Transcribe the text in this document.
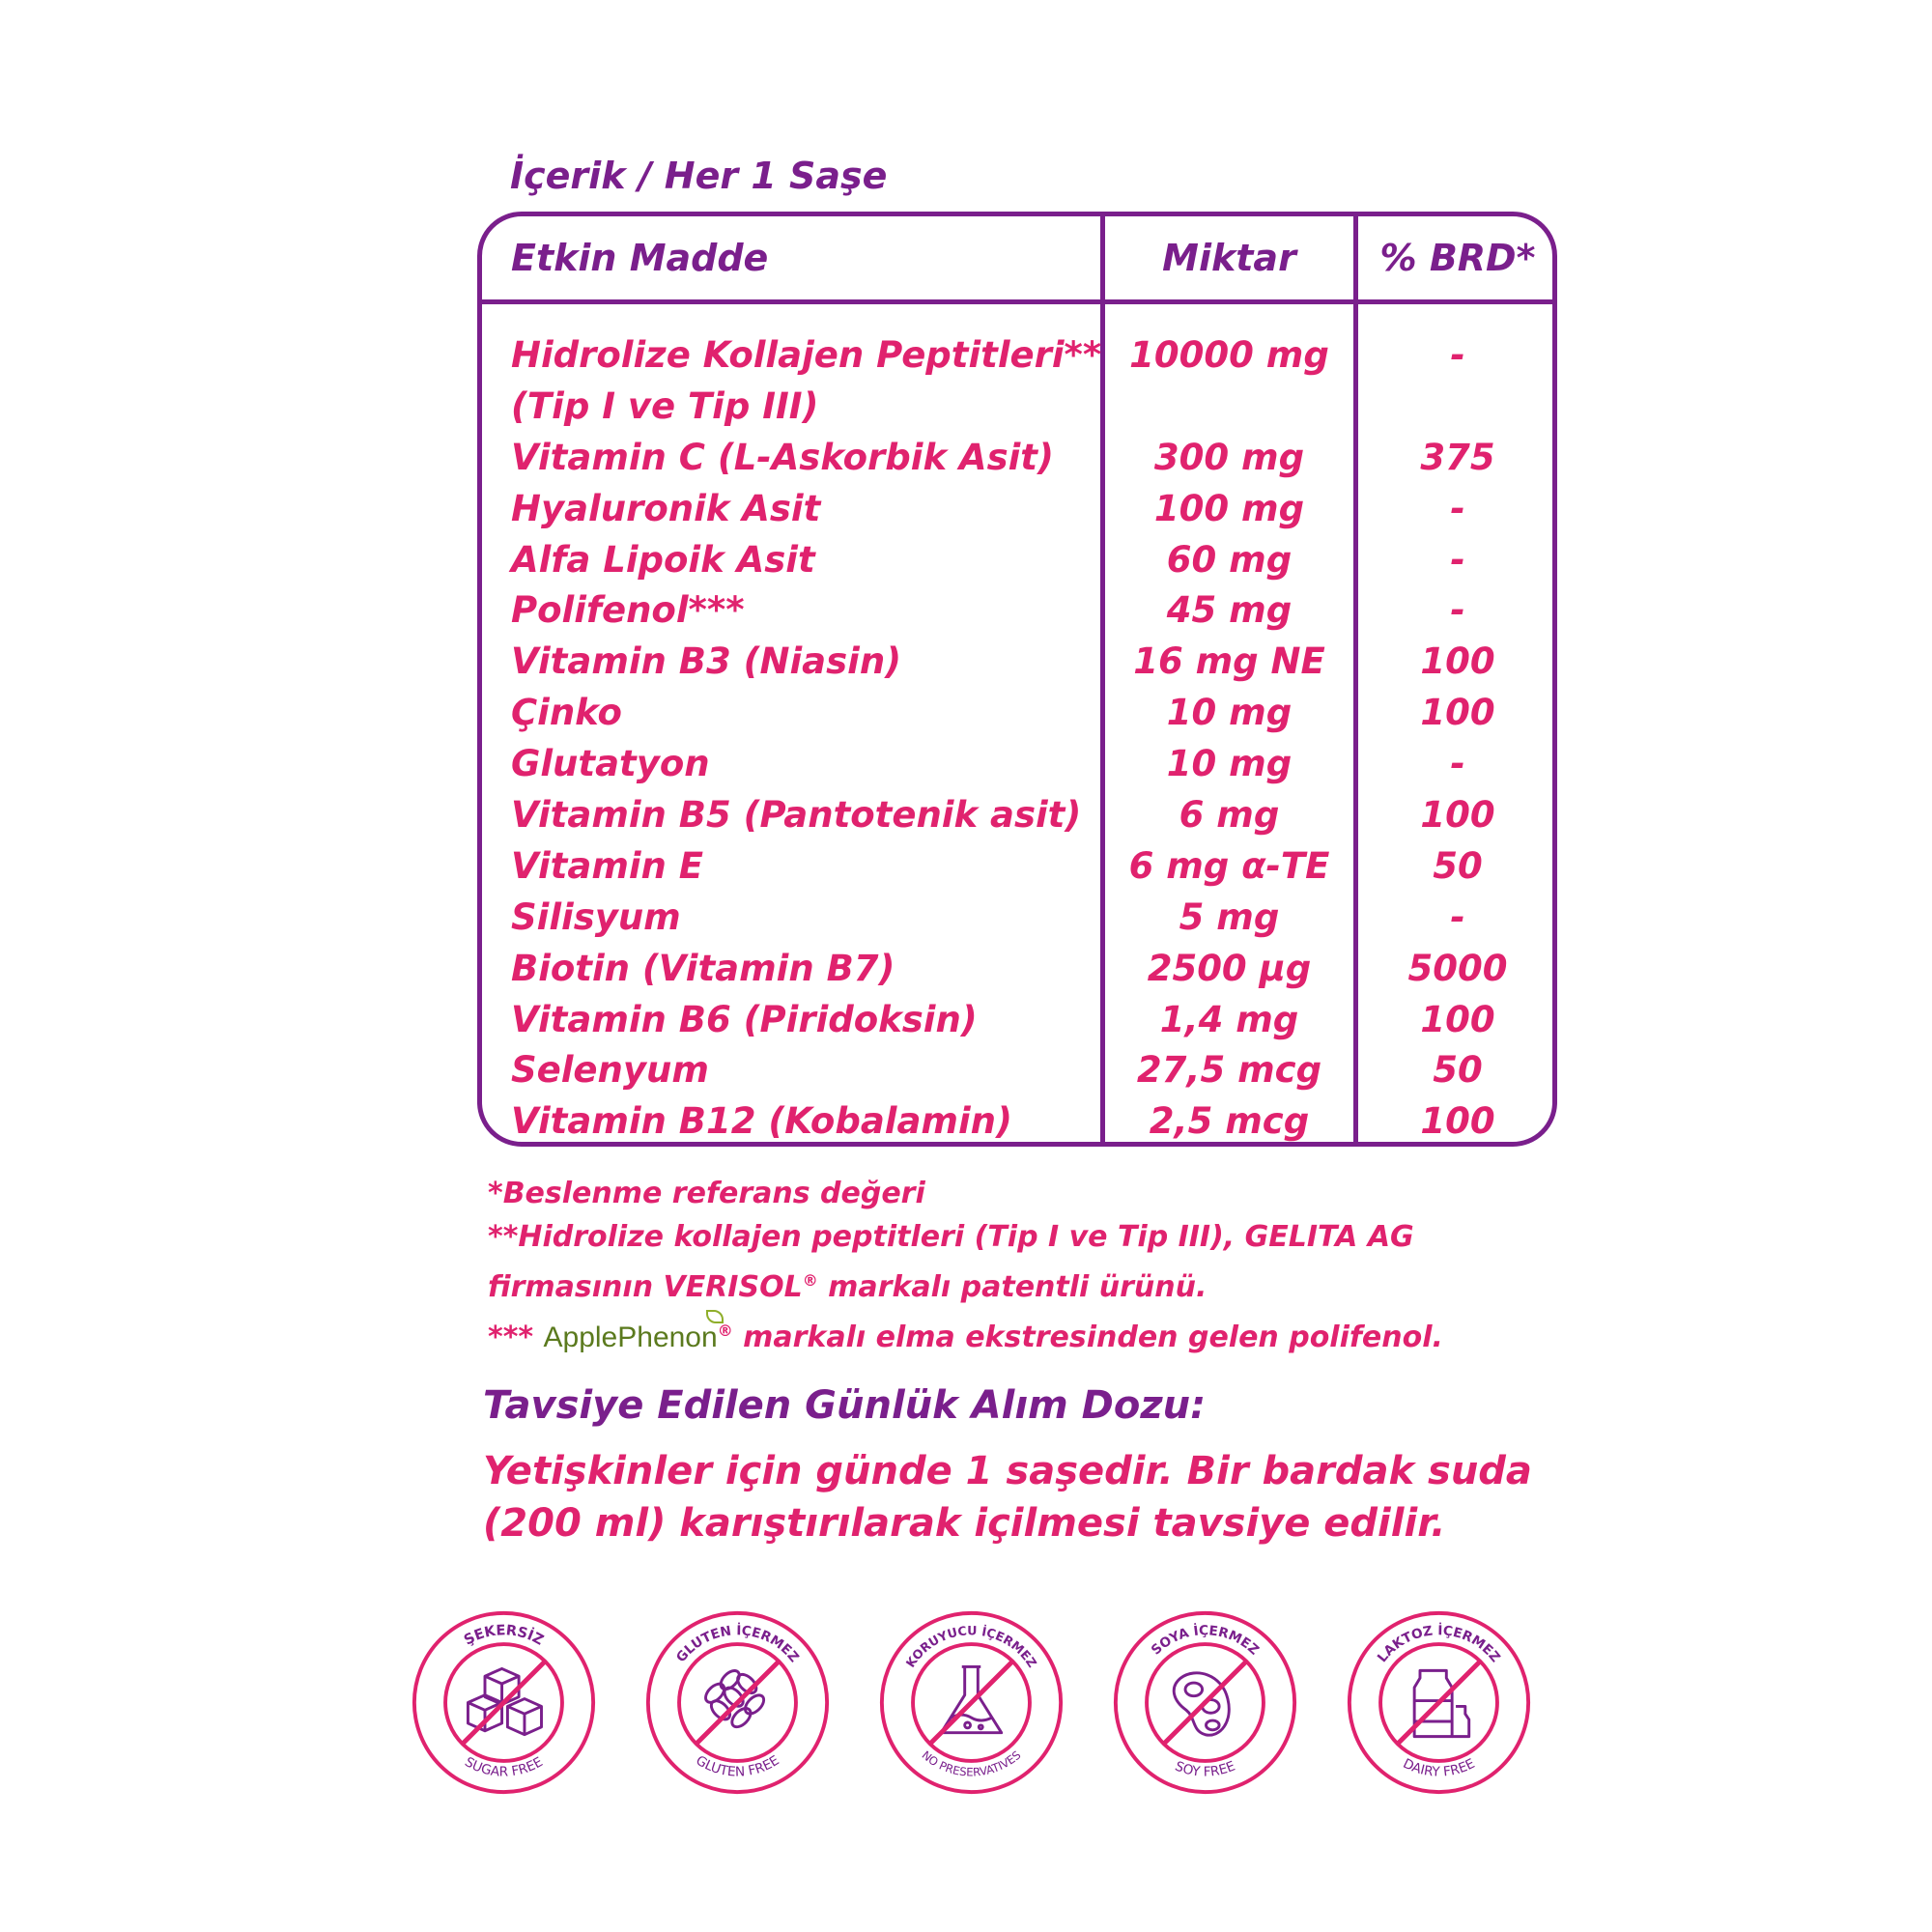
İçerik / Her 1 Saşe
Etkin Madde	Miktar	% BRD*
Hidrolize Kollajen Peptitleri** 10000 mg	-
(Tip I ve Tip III)
Vitamin C (L-Askorbik Asit)	300 mg	375
Hyaluronik Asit	100 mg	-
Alfa Lipoik Asit	60 mg	-
Polifenol***	45 mg	-
Vitamin B3 (Niasin)	16 mg NE	100
Çinko	10 mg	100
Glutatyon	10 mg	-
Vitamin B5 (Pantotenik asit)	6 mg	100
Vitamin E	6 mg α-TE	50
Silisyum	5 mg	-
Biotin (Vitamin B7)	2500 μg	5000
Vitamin B6 (Piridoksin)	1,4 mg	100
Selenyum	27,5 mcg	50
Vitamin B12 (Kobalamin)	2,5 mcg	100

*Beslenme referans değeri

**Hidrolize kollajen peptitleri (Tip I ve Tip III), GELITA AG

firmasının VERISOL® markalı patentli ürünü.

*** ApplePhenon
® markalı elma ekstresinden gelen polifenol.

Tavsiye Edilen Günlük Alım Dozu:
Yetişkinler için günde 1 saşedir. Bir bardak suda
(200 ml) karıştırılarak içilmesi tavsiye edilir.
ŞEKERSİZ
SUGAR FREE
GLUTEN İÇERMEZ
GLUTEN FREE
KORUYUCU İÇERMEZ
NO PRESERVATIVES
SOYA İÇERMEZ
SOY FREE
LAKTOZ İÇERMEZ
DAIRY FREE
